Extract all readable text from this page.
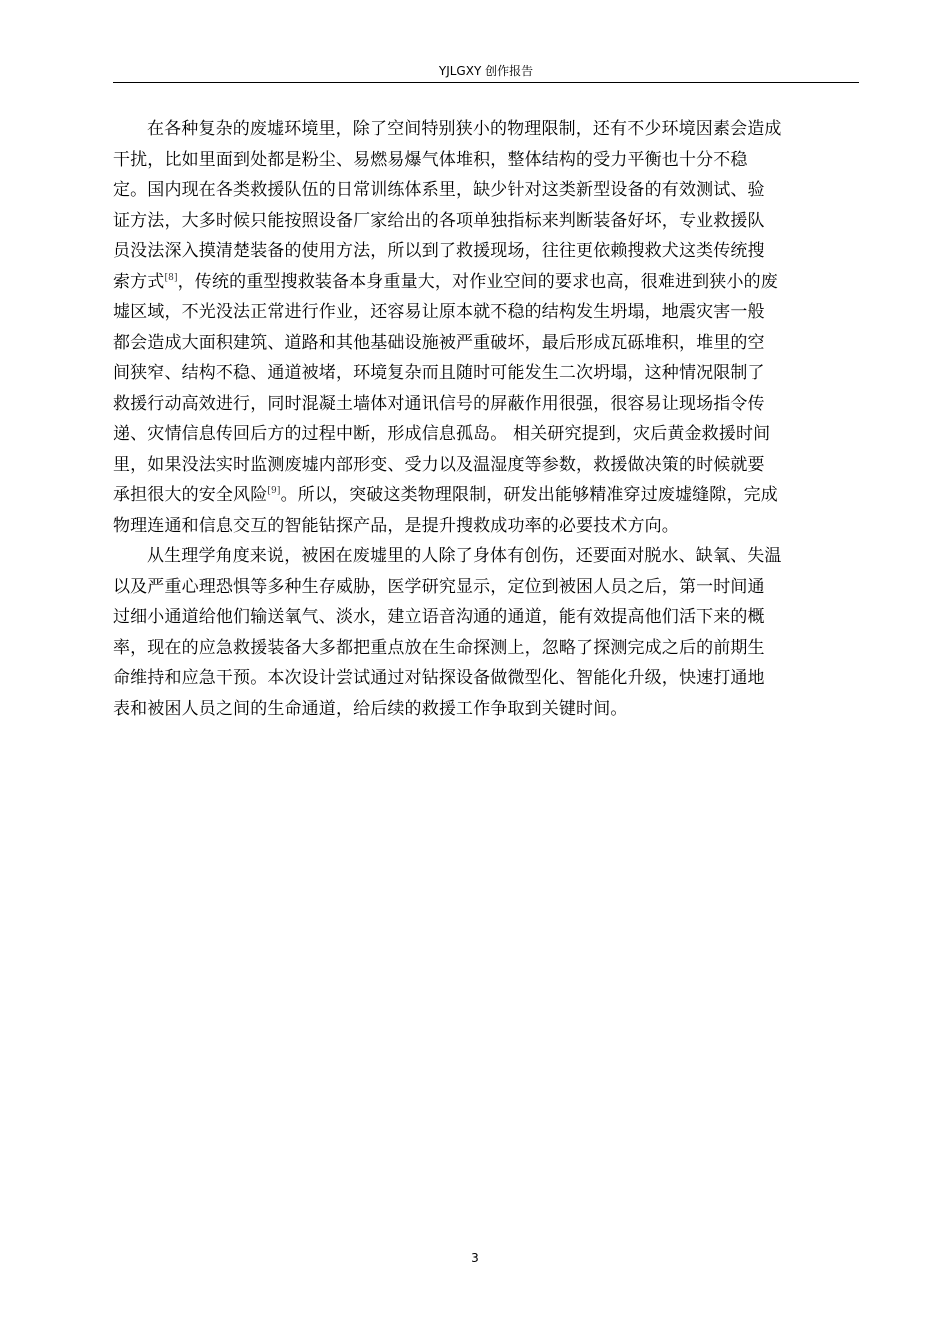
YJLGXY 创作报告

在各种复杂的废墟环境里，除了空间特别狭小的物理限制，还有不少环境因素会造成
干扰，比如里面到处都是粉尘、易燃易爆气体堆积，整体结构的受力平衡也十分不稳
定。国内现在各类救援队伍的日常训练体系里，缺少针对这类新型设备的有效测试、验
证方法，大多时候只能按照设备厂家给出的各项单独指标来判断装备好坏，专业救援队
员没法深入摸清楚装备的使用方法，所以到了救援现场，往往更依赖搜救犬这类传统搜
索方式[8]，传统的重型搜救装备本身重量大，对作业空间的要求也高，很难进到狭小的废
墟区域，不光没法正常进行作业，还容易让原本就不稳的结构发生坍塌，地震灾害一般
都会造成大面积建筑、道路和其他基础设施被严重破坏，最后形成瓦砾堆积，堆里的空
间狭窄、结构不稳、通道被堵，环境复杂而且随时可能发生二次坍塌，这种情况限制了
救援行动高效进行，同时混凝土墙体对通讯信号的屏蔽作用很强，很容易让现场指令传
递、灾情信息传回后方的过程中断，形成信息孤岛。 相关研究提到，灾后黄金救援时间
里，如果没法实时监测废墟内部形变、受力以及温湿度等参数，救援做决策的时候就要
承担很大的安全风险[9]。所以，突破这类物理限制，研发出能够精准穿过废墟缝隙，完成
物理连通和信息交互的智能钻探产品，是提升搜救成功率的必要技术方向。

从生理学角度来说，被困在废墟里的人除了身体有创伤，还要面对脱水、缺氧、失温
以及严重心理恐惧等多种生存威胁，医学研究显示，定位到被困人员之后，第一时间通
过细小通道给他们输送氧气、淡水，建立语音沟通的通道，能有效提高他们活下来的概
率，现在的应急救援装备大多都把重点放在生命探测上，忽略了探测完成之后的前期生
命维持和应急干预。本次设计尝试通过对钻探设备做微型化、智能化升级，快速打通地
表和被困人员之间的生命通道，给后续的救援工作争取到关键时间。

3
